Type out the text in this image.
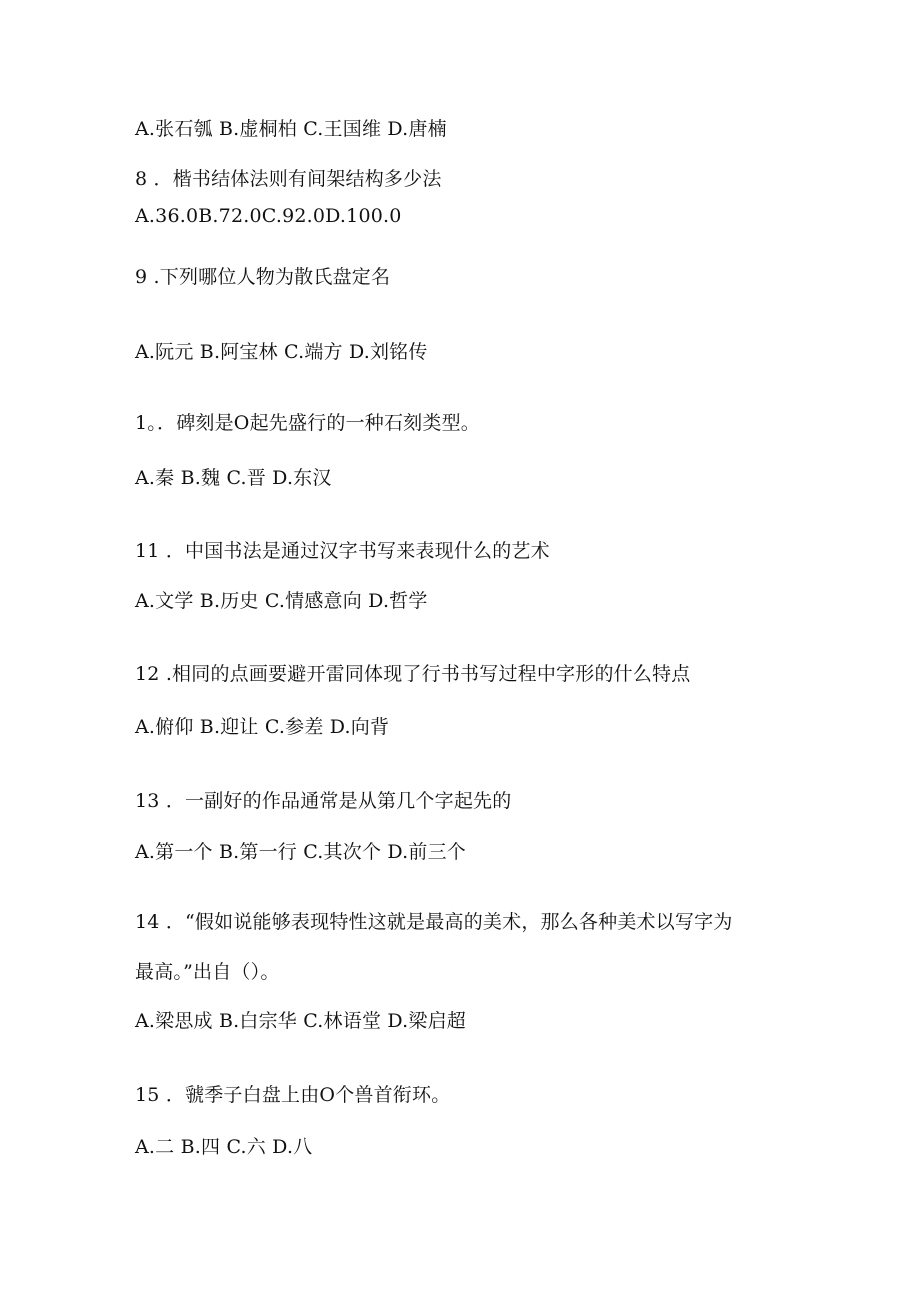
A.张石瓠 B.虚桐柏 C.王国维 D.唐楠
8 ．楷书结体法则有间架结构多少法
A.36.0B.72.0C.92.0D.100.0
9 .下列哪位人物为散氏盘定名
A.阮元 B.阿宝林 C.端方 D.刘铭传
1。．碑刻是O起先盛行的一种石刻类型。
A.秦 B.魏 C.晋 D.东汉
11 ．中国书法是通过汉字书写来表现什么的艺术
A.文学 B.历史 C.情感意向 D.哲学
12 .相同的点画要避开雷同体现了行书书写过程中字形的什么特点
A.俯仰 B.迎让 C.参差 D.向背
13 ．一副好的作品通常是从第几个字起先的
A.第一个 B.第一行 C.其次个 D.前三个
14 ．“假如说能够表现特性这就是最高的美术，那么各种美术以写字为
最高。”出自（）。
A.梁思成 B.白宗华 C.林语堂 D.梁启超
15 ．虢季子白盘上由O个兽首衔环。
A.二 B.四 C.六 D.八
